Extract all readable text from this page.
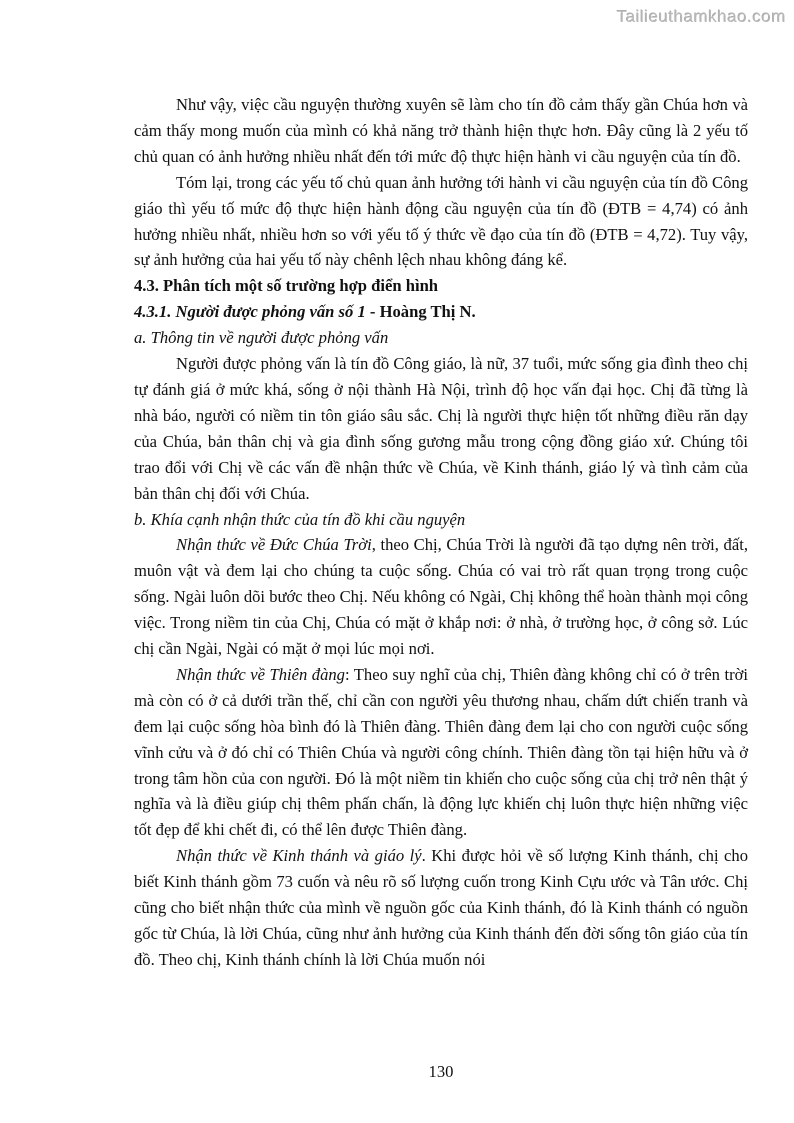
Tailieuthamkhao.com

Như vậy, việc cầu nguyện thường xuyên sẽ làm cho tín đồ cảm thấy gần Chúa hơn và cảm thấy mong muốn của mình có khả năng trở thành hiện thực hơn. Đây cũng là 2 yếu tố chủ quan có ảnh hưởng nhiều nhất đến tới mức độ thực hiện hành vi cầu nguyện của tín đồ.

Tóm lại, trong các yếu tố chủ quan ảnh hưởng tới hành vi cầu nguyện của tín đồ Công giáo thì yếu tố mức độ thực hiện hành động cầu nguyện của tín đồ (ĐTB = 4,74) có ảnh hưởng nhiều nhất, nhiều hơn so với yếu tố ý thức về đạo của tín đồ (ĐTB = 4,72). Tuy vậy, sự ảnh hưởng của hai yếu tố này chênh lệch nhau không đáng kể.

4.3. Phân tích một số trường hợp điển hình
4.3.1. Người được phỏng vấn số 1 - Hoàng Thị N.

a. Thông tin về người được phỏng vấn

Người được phỏng vấn là tín đồ Công giáo, là nữ, 37 tuổi, mức sống gia đình theo chị tự đánh giá ở mức khá, sống ở nội thành Hà Nội, trình độ học vấn đại học. Chị đã từng là nhà báo, người có niềm tin tôn giáo sâu sắc. Chị là người thực hiện tốt những điều răn dạy của Chúa, bản thân chị và gia đình sống gương mẫu trong cộng đồng giáo xứ. Chúng tôi trao đổi với Chị về các vấn đề nhận thức về Chúa, về Kinh thánh, giáo lý và tình cảm của bản thân chị đối với Chúa.

b. Khía cạnh nhận thức của tín đồ khi cầu nguyện

Nhận thức về Đức Chúa Trời, theo Chị, Chúa Trời là người đã tạo dựng nên trời, đất, muôn vật và đem lại cho chúng ta cuộc sống. Chúa có vai trò rất quan trọng trong cuộc sống. Ngài luôn dõi bước theo Chị. Nếu không có Ngài, Chị không thể hoàn thành mọi công việc. Trong niềm tin của Chị, Chúa có mặt ở khắp nơi: ở nhà, ở trường học, ở công sở. Lúc chị cần Ngài, Ngài có mặt ở mọi lúc mọi nơi.

Nhận thức về Thiên đàng: Theo suy nghĩ của chị, Thiên đàng không chỉ có ở trên trời mà còn có ở cả dưới trần thế, chỉ cần con người yêu thương nhau, chấm dứt chiến tranh và đem lại cuộc sống hòa bình đó là Thiên đàng. Thiên đàng đem lại cho con người cuộc sống vĩnh cửu và ở đó chỉ có Thiên Chúa và người công chính. Thiên đàng tồn tại hiện hữu và ở trong tâm hồn của con người. Đó là một niềm tin khiến cho cuộc sống của chị trở nên thật ý nghĩa và là điều giúp chị thêm phấn chấn, là động lực khiến chị luôn thực hiện những việc tốt đẹp để khi chết đi, có thể lên được Thiên đàng.

Nhận thức về Kinh thánh và giáo lý. Khi được hỏi về số lượng Kinh thánh, chị cho biết Kinh thánh gồm 73 cuốn và nêu rõ số lượng cuốn trong Kinh Cựu ước và Tân ước. Chị cũng cho biết nhận thức của mình về nguồn gốc của Kinh thánh, đó là Kinh thánh có nguồn gốc từ Chúa, là lời Chúa, cũng như ảnh hưởng của Kinh thánh đến đời sống tôn giáo của tín đồ. Theo chị, Kinh thánh chính là lời Chúa muốn nói

130
